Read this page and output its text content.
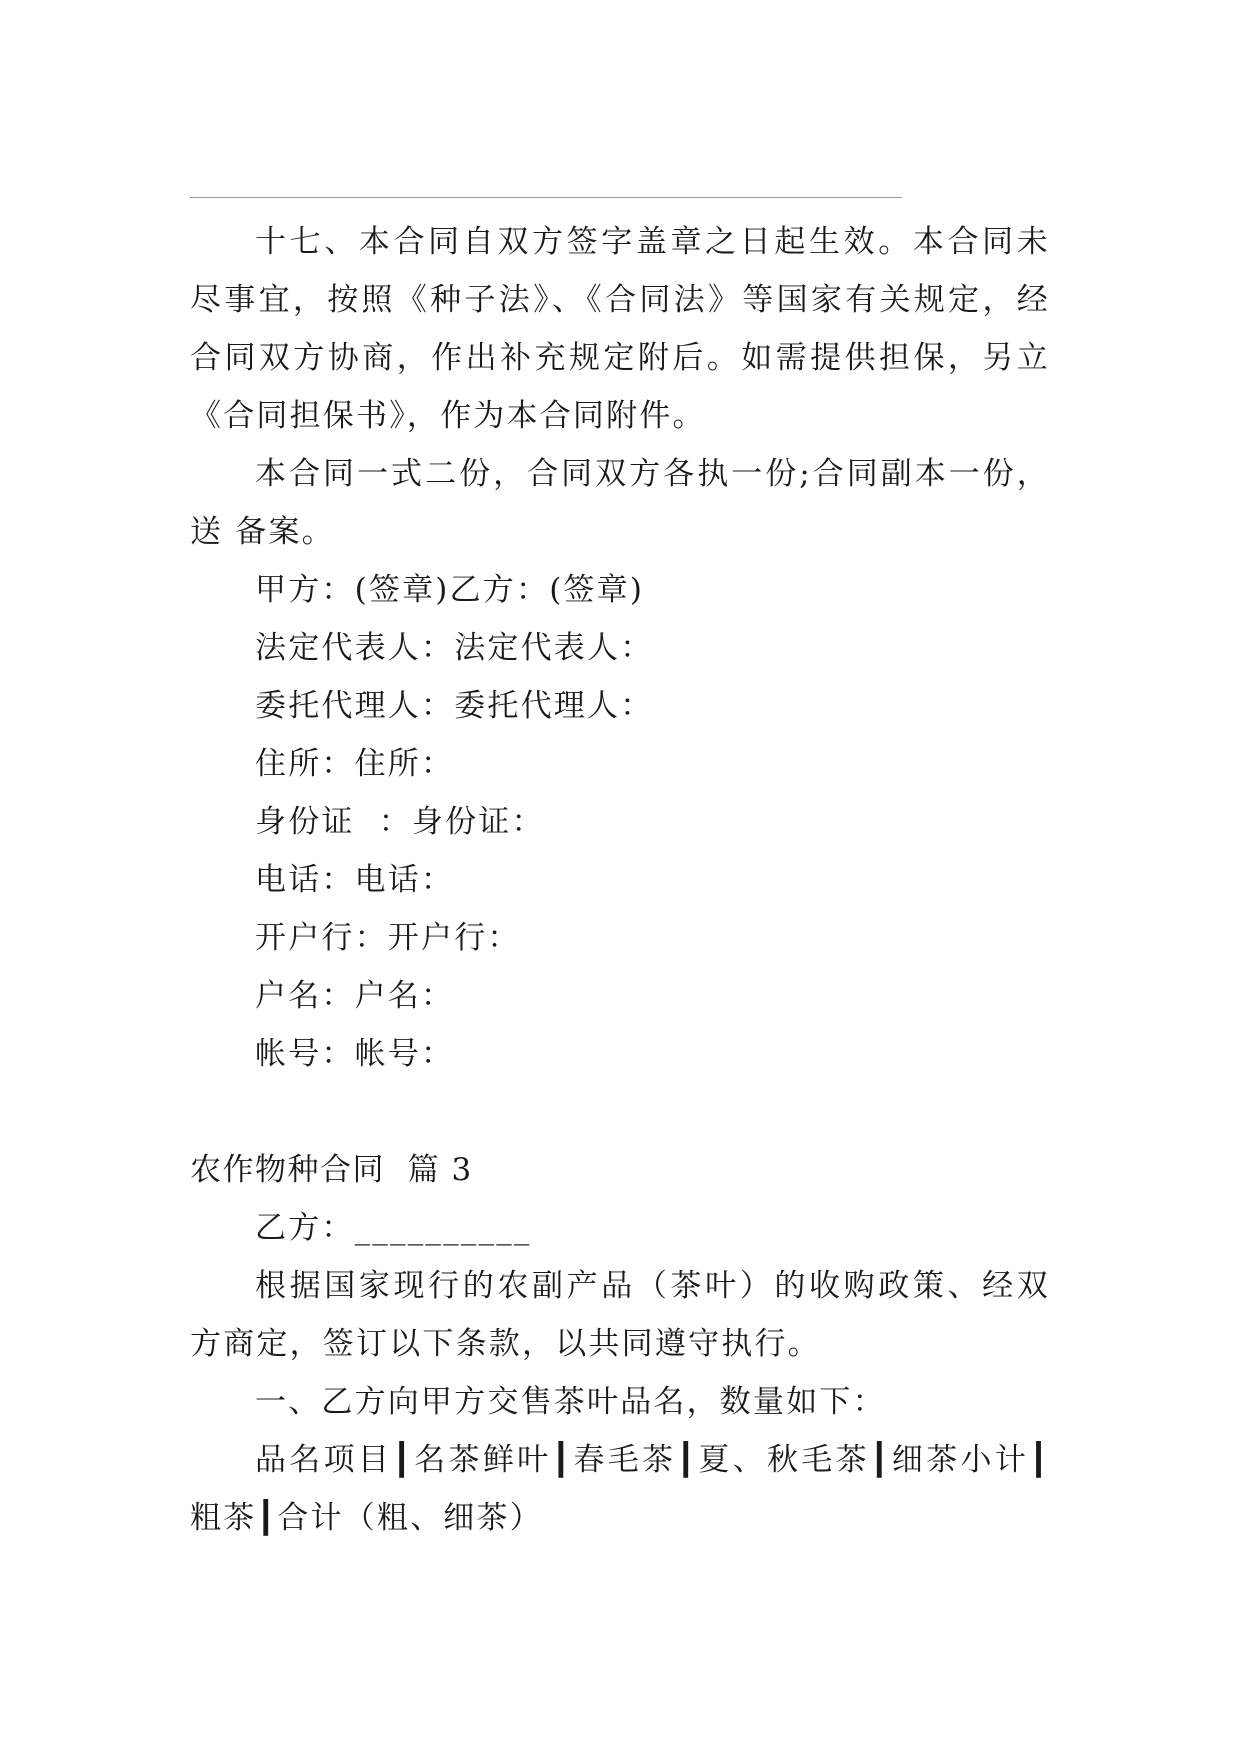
十七、本合同自双方签字盖章之日起生效。本合同未尽事宜，按照《种子法》、《合同法》等国家有关规定，经合同双方协商，作出补充规定附后。如需提供担保，另立《合同担保书》，作为本合同附件。

本合同一式二份，合同双方各执一份;合同副本一份，送 备案。

甲方：(签章)乙方：(签章)

法定代表人：法定代表人：

委托代理人：委托代理人：

住所：住所：

身份证  ：身份证：

电话：电话：

开户行：开户行：

户名：户名：

帐号：帐号：

农作物种合同  篇 3

乙方：__________

根据国家现行的农副产品（茶叶）的收购政策、经双方商定，签订以下条款，以共同遵守执行。

一、乙方向甲方交售茶叶品名，数量如下：

品名项目┃名茶鲜叶┃春毛茶┃夏、秋毛茶┃细茶小计┃粗茶┃合计（粗、细茶）
